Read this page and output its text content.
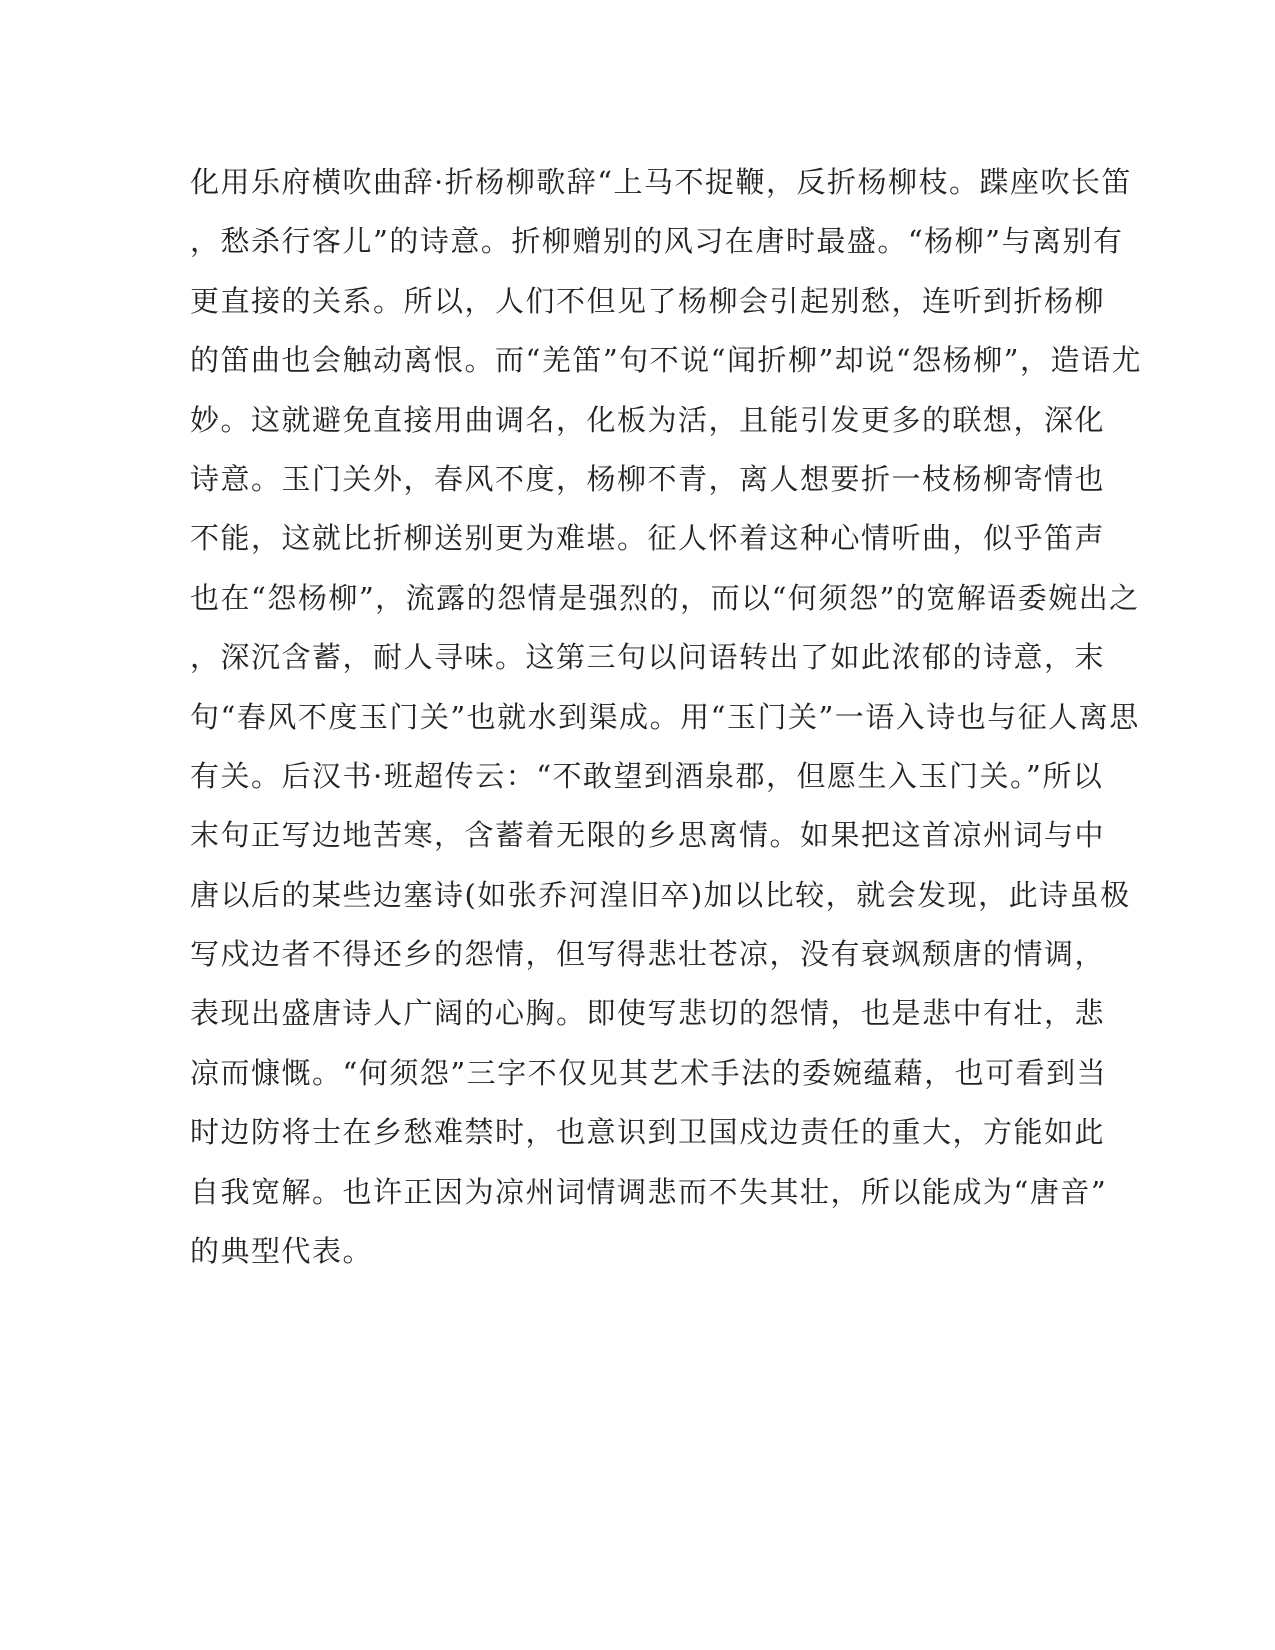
化用乐府横吹曲辞·折杨柳歌辞“上马不捉鞭，反折杨柳枝。蹀座吹长笛
，愁杀行客儿”的诗意。折柳赠别的风习在唐时最盛。“杨柳”与离别有
更直接的关系。所以，人们不但见了杨柳会引起别愁，连听到折杨柳
的笛曲也会触动离恨。而“羌笛”句不说“闻折柳”却说“怨杨柳”，造语尤
妙。这就避免直接用曲调名，化板为活，且能引发更多的联想，深化
诗意。玉门关外，春风不度，杨柳不青，离人想要折一枝杨柳寄情也
不能，这就比折柳送别更为难堪。征人怀着这种心情听曲，似乎笛声
也在“怨杨柳”，流露的怨情是强烈的，而以“何须怨”的宽解语委婉出之
，深沉含蓄，耐人寻味。这第三句以问语转出了如此浓郁的诗意，末
句“春风不度玉门关”也就水到渠成。用“玉门关”一语入诗也与征人离思
有关。后汉书·班超传云：“不敢望到酒泉郡，但愿生入玉门关。”所以
末句正写边地苦寒，含蓄着无限的乡思离情。如果把这首凉州词与中
唐以后的某些边塞诗(如张乔河湟旧卒)加以比较，就会发现，此诗虽极
写戍边者不得还乡的怨情，但写得悲壮苍凉，没有衰飒颓唐的情调，
表现出盛唐诗人广阔的心胸。即使写悲切的怨情，也是悲中有壮，悲
凉而慷慨。“何须怨”三字不仅见其艺术手法的委婉蕴藉，也可看到当
时边防将士在乡愁难禁时，也意识到卫国戍边责任的重大，方能如此
自我宽解。也许正因为凉州词情调悲而不失其壮，所以能成为“唐音”
的典型代表。
